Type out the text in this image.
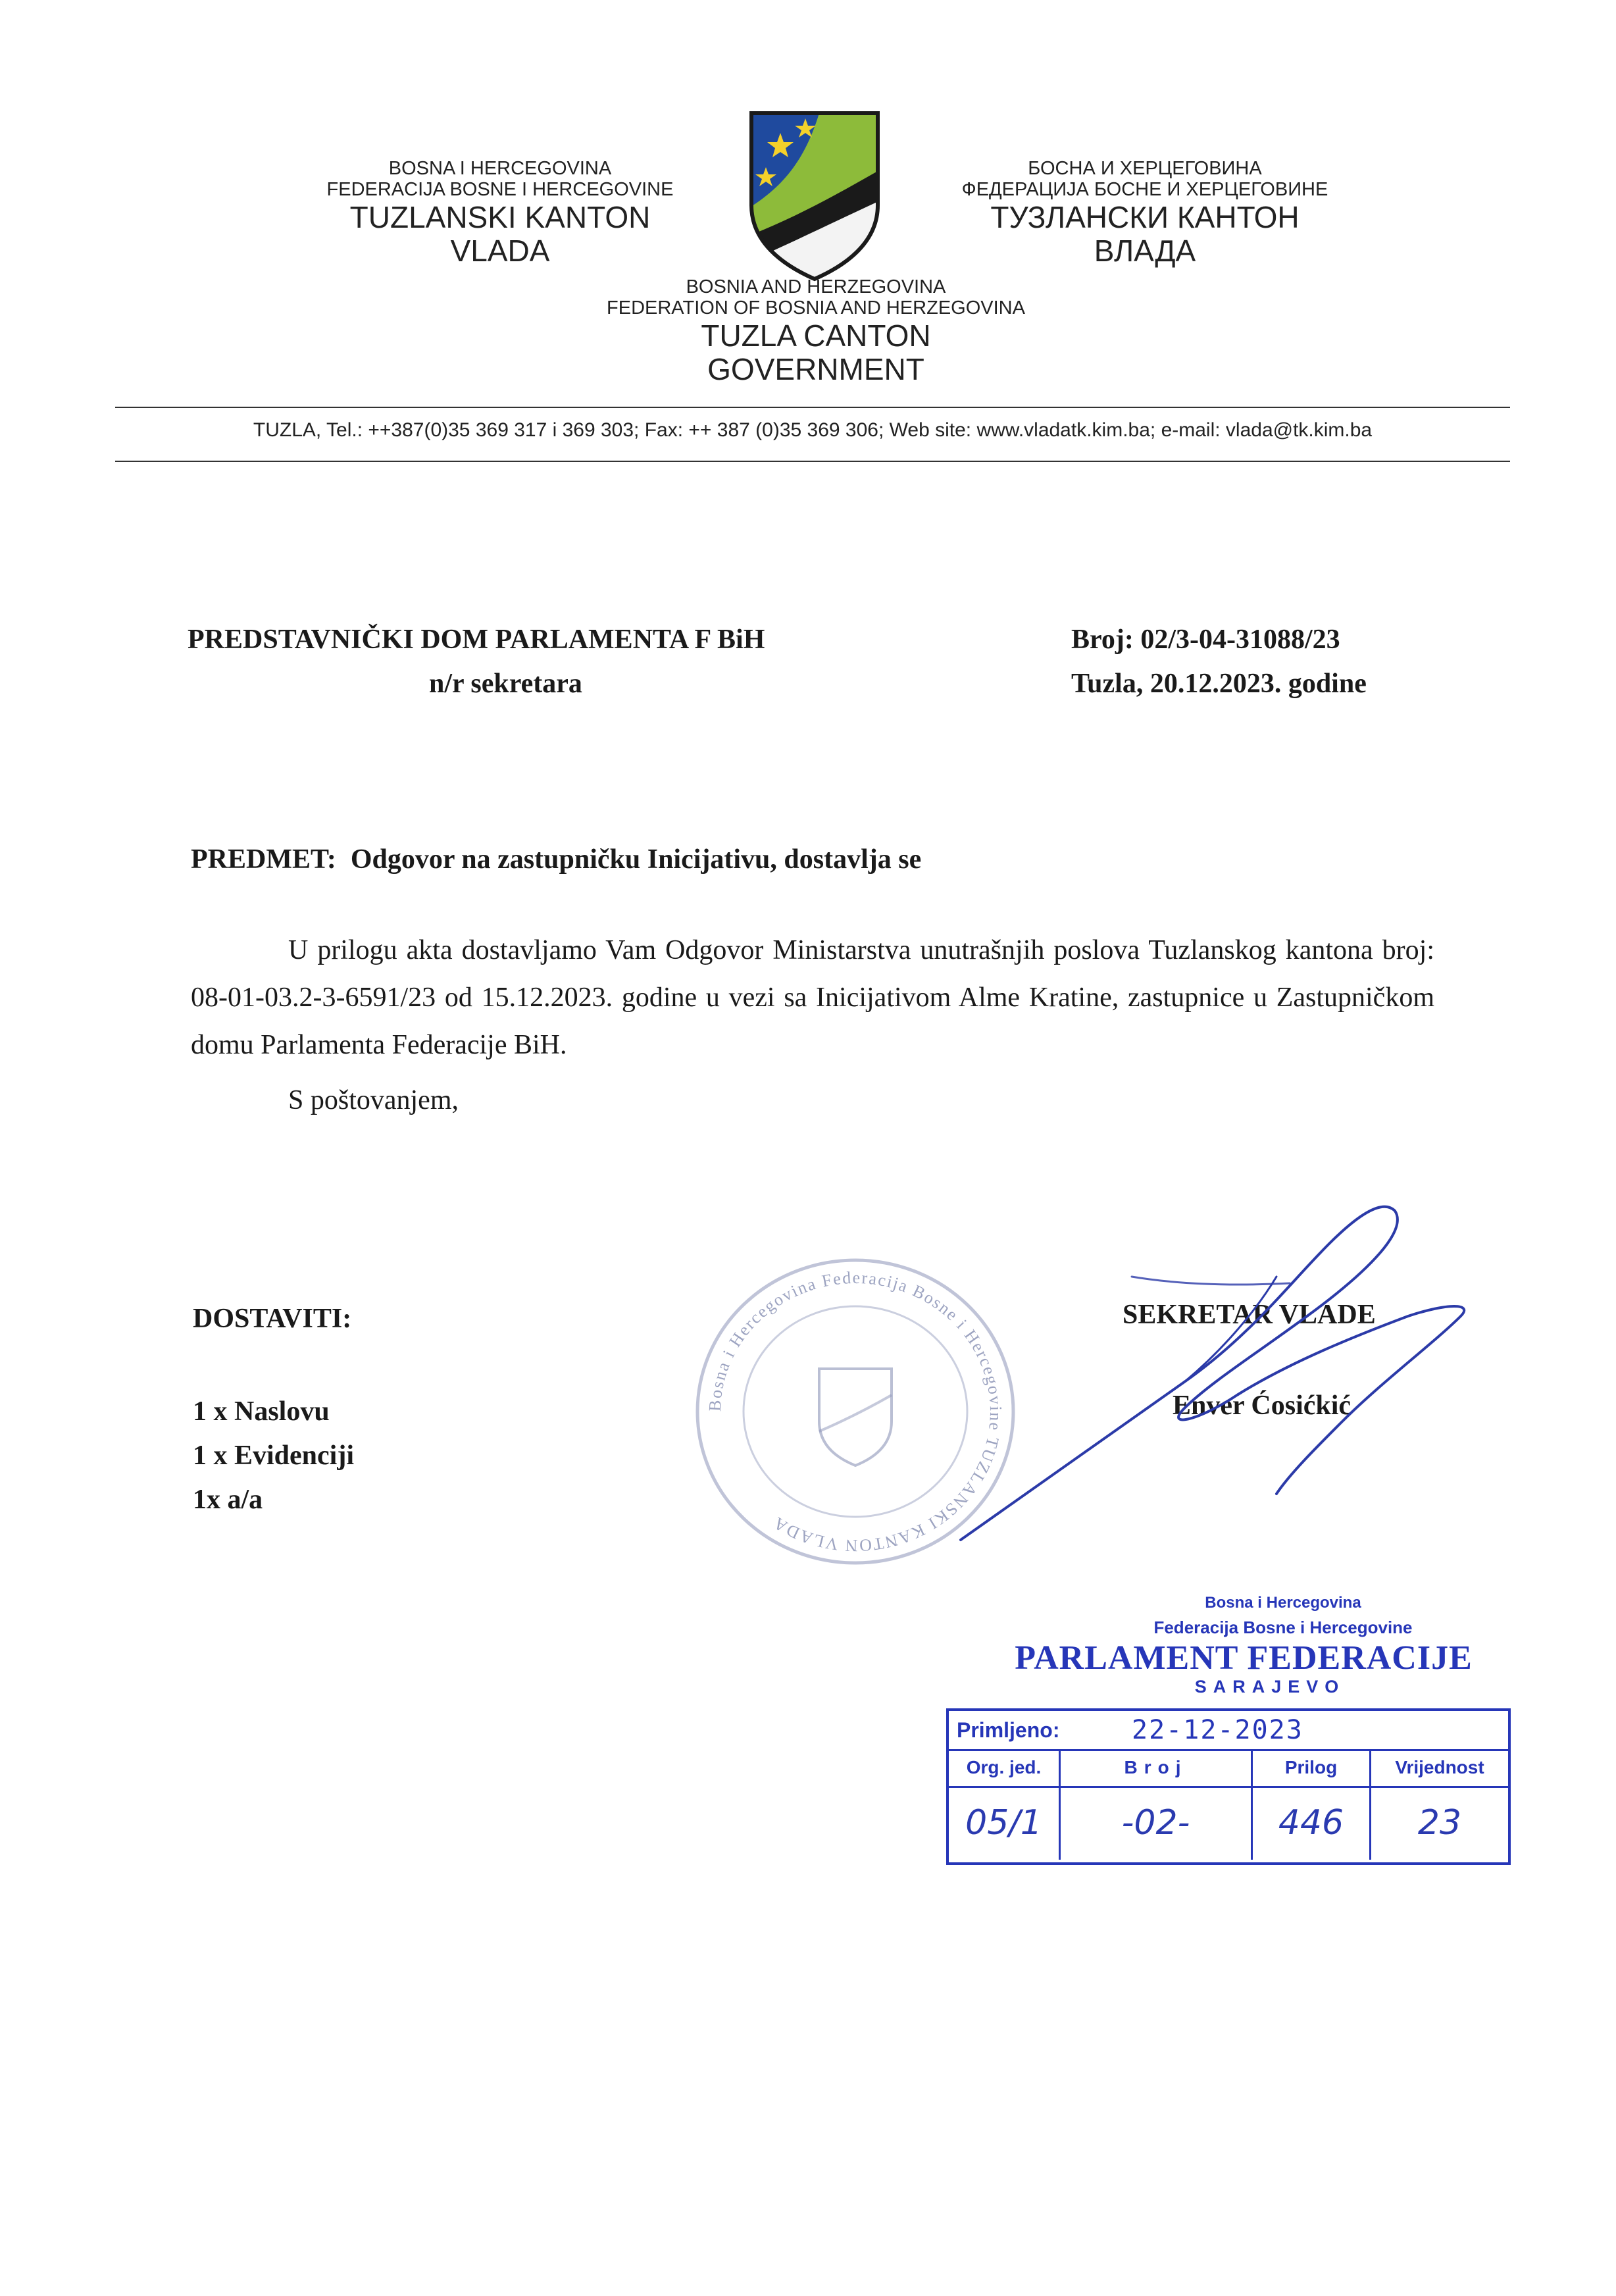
BOSNA I HERCEGOVINA
FEDERACIJA BOSNE I HERCEGOVINE
TUZLANSKI KANTON
VLADA
БОСНА И ХЕРЦЕГОВИНА
ФЕДЕРАЦИЈА БОСНЕ И ХЕРЦЕГОВИНЕ
ТУЗЛАНСКИ КАНТОН
ВЛАДА
BOSNIA AND HERZEGOVINA
FEDERATION OF BOSNIA AND HERZEGOVINA
TUZLA CANTON
GOVERNMENT
TUZLA, Tel.: ++387(0)35 369 317 i 369 303; Fax: ++ 387 (0)35 369 306; Web site: www.vladatk.kim.ba; e-mail: vlada@tk.kim.ba
PREDSTAVNIČKI DOM PARLAMENTA F BiH
n/r sekretara
Broj: 02/3-04-31088/23
Tuzla, 20.12.2023. godine
PREDMET: Odgovor na zastupničku Inicijativu, dostavlja se
U prilogu akta dostavljamo Vam Odgovor Ministarstva unutrašnjih poslova Tuzlanskog kantona broj: 08-01-03.2-3-6591/23 od 15.12.2023. godine u vezi sa Inicijativom Alme Kratine, zastupnice u Zastupničkom domu Parlamenta Federacije BiH.
S poštovanjem,
DOSTAVITI:
1 x Naslovu
1 x Evidenciji
1x a/a
Bosna i Hercegovina Federacija Bosne i Hercegovine TUZLANSKI KANTON VLADA
SEKRETAR VLADE
Enver Ćosićkić
Bosna i Hercegovina
Federacija Bosne i Hercegovine
PARLAMENT FEDERACIJE
SARAJEVO
Primljeno:	22-12-2023
Org. jed.	Broj	Prilog	Vrijednost
05/1	-02-	446	23
